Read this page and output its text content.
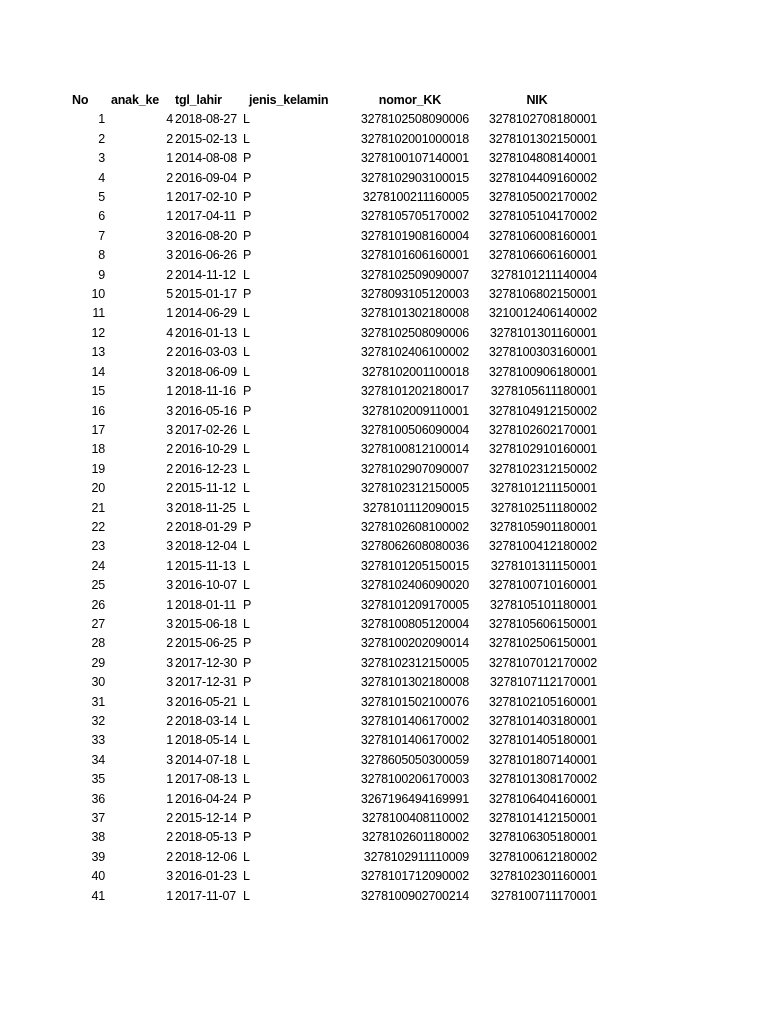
No	anak_ke	tgl_lahir	jenis_kelamin	nomor_KK	NIK
1	4	2018-08-27	L	3278102508090006	3278102708180001
2	2	2015-02-13	L	3278102001000018	3278101302150001
3	1	2014-08-08	P	3278100107140001	3278104808140001
4	2	2016-09-04	P	3278102903100015	3278104409160002
5	1	2017-02-10	P	3278100211160005	3278105002170002
6	1	2017-04-11	P	3278105705170002	3278105104170002
7	3	2016-08-20	P	3278101908160004	3278106008160001
8	3	2016-06-26	P	3278101606160001	3278106606160001
9	2	2014-11-12	L	3278102509090007	3278101211140004
10	5	2015-01-17	P	3278093105120003	3278106802150001
11	1	2014-06-29	L	3278101302180008	3210012406140002
12	4	2016-01-13	L	3278102508090006	3278101301160001
13	2	2016-03-03	L	3278102406100002	3278100303160001
14	3	2018-06-09	L	3278102001100018	3278100906180001
15	1	2018-11-16	P	3278101202180017	3278105611180001
16	3	2016-05-16	P	3278102009110001	3278104912150002
17	3	2017-02-26	L	3278100506090004	3278102602170001
18	2	2016-10-29	L	3278100812100014	3278102910160001
19	2	2016-12-23	L	3278102907090007	3278102312150002
20	2	2015-11-12	L	3278102312150005	3278101211150001
21	3	2018-11-25	L	3278101112090015	3278102511180002
22	2	2018-01-29	P	3278102608100002	3278105901180001
23	3	2018-12-04	L	3278062608080036	3278100412180002
24	1	2015-11-13	L	3278101205150015	3278101311150001
25	3	2016-10-07	L	3278102406090020	3278100710160001
26	1	2018-01-11	P	3278101209170005	3278105101180001
27	3	2015-06-18	L	3278100805120004	3278105606150001
28	2	2015-06-25	P	3278100202090014	3278102506150001
29	3	2017-12-30	P	3278102312150005	3278107012170002
30	3	2017-12-31	P	3278101302180008	3278107112170001
31	3	2016-05-21	L	3278101502100076	3278102105160001
32	2	2018-03-14	L	3278101406170002	3278101403180001
33	1	2018-05-14	L	3278101406170002	3278101405180001
34	3	2014-07-18	L	3278605050300059	3278101807140001
35	1	2017-08-13	L	3278100206170003	3278101308170002
36	1	2016-04-24	P	3267196494169991	3278106404160001
37	2	2015-12-14	P	3278100408110002	3278101412150001
38	2	2018-05-13	P	3278102601180002	3278106305180001
39	2	2018-12-06	L	3278102911110009	3278100612180002
40	3	2016-01-23	L	3278101712090002	3278102301160001
41	1	2017-11-07	L	3278100902700214	3278100711170001
